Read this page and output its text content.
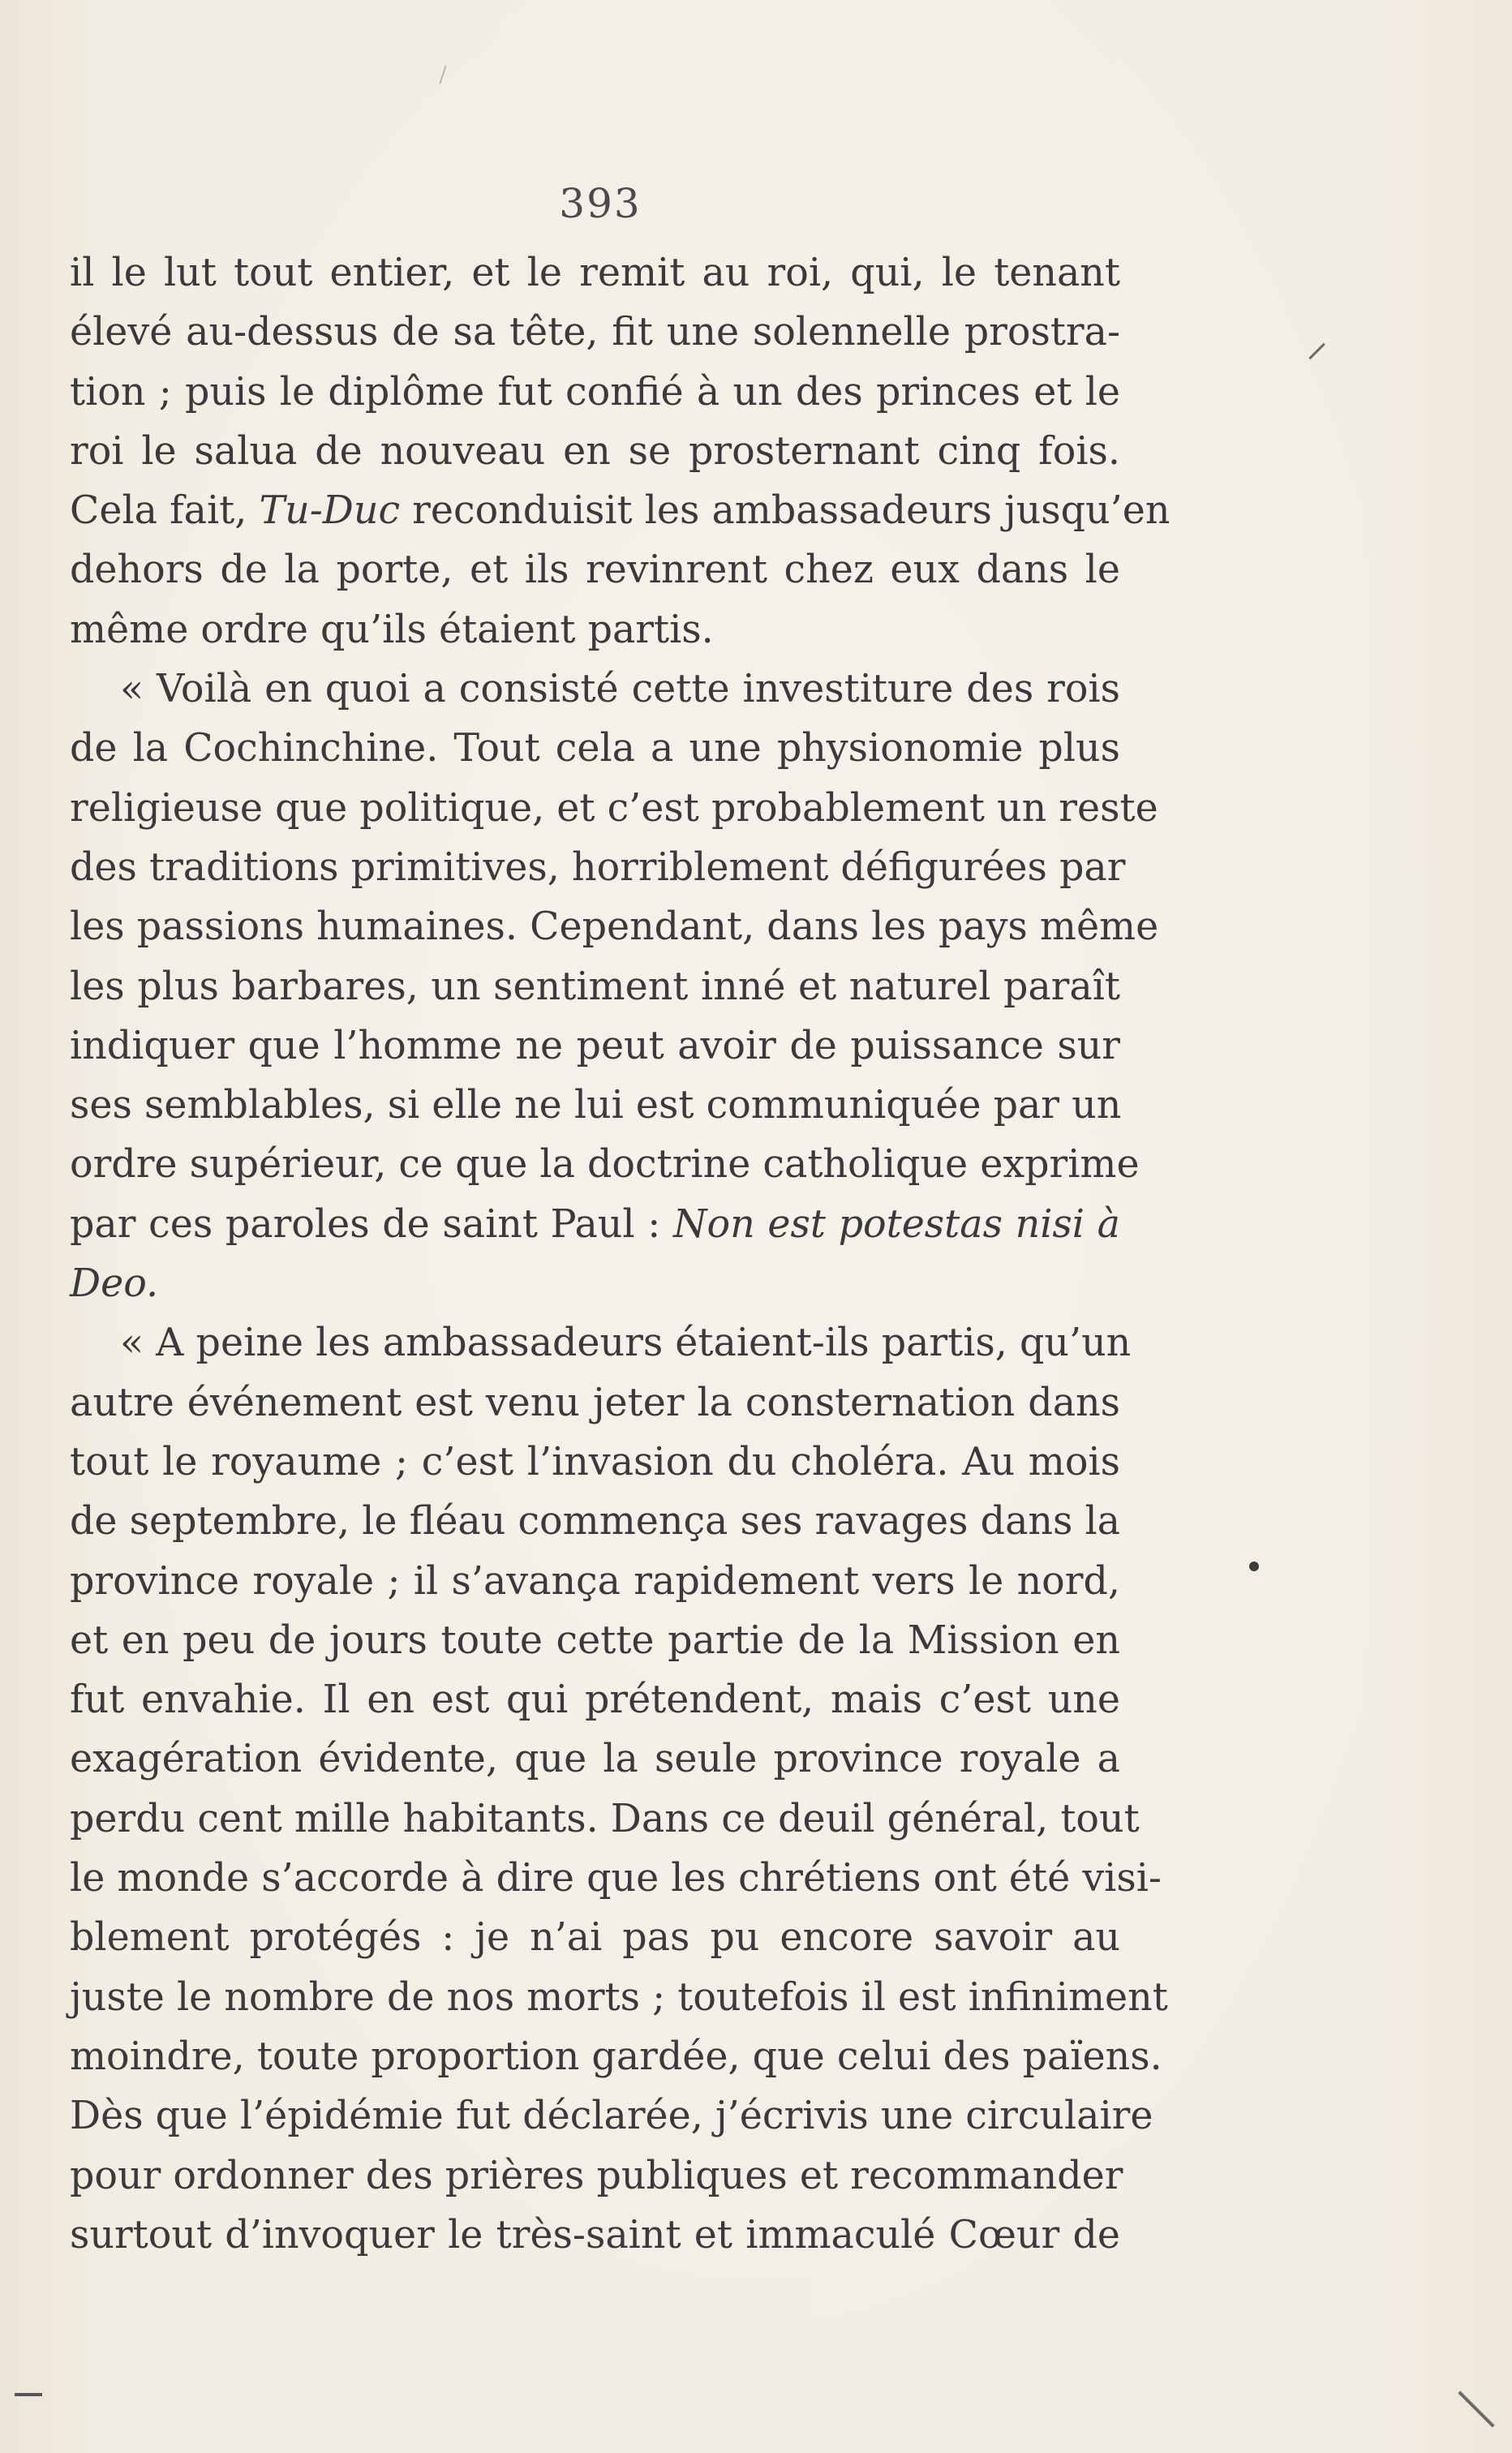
393
il le lut tout entier, et le remit au roi, qui, le tenant
élevé au-dessus de sa tête, fit une solennelle prostra-
tion ; puis le diplôme fut confié à un des princes et le
roi le salua de nouveau en se prosternant cinq fois.
Cela fait, Tu-Duc reconduisit les ambassadeurs jusqu’en
dehors de la porte, et ils revinrent chez eux dans le
même ordre qu’ils étaient partis.
« Voilà en quoi a consisté cette investiture des rois
de la Cochinchine. Tout cela a une physionomie plus
religieuse que politique, et c’est probablement un reste
des traditions primitives, horriblement défigurées par
les passions humaines. Cependant, dans les pays même
les plus barbares, un sentiment inné et naturel paraît
indiquer que l’homme ne peut avoir de puissance sur
ses semblables, si elle ne lui est communiquée par un
ordre supérieur, ce que la doctrine catholique exprime
par ces paroles de saint Paul : Non est potestas nisi à
Deo.
« A peine les ambassadeurs étaient-ils partis, qu’un
autre événement est venu jeter la consternation dans
tout le royaume ; c’est l’invasion du choléra. Au mois
de septembre, le fléau commença ses ravages dans la
province royale ; il s’avança rapidement vers le nord,
et en peu de jours toute cette partie de la Mission en
fut envahie. Il en est qui prétendent, mais c’est une
exagération évidente, que la seule province royale a
perdu cent mille habitants. Dans ce deuil général, tout
le monde s’accorde à dire que les chrétiens ont été visi-
blement protégés : je n’ai pas pu encore savoir au
juste le nombre de nos morts ; toutefois il est infiniment
moindre, toute proportion gardée, que celui des païens.
Dès que l’épidémie fut déclarée, j’écrivis une circulaire
pour ordonner des prières publiques et recommander
surtout d’invoquer le très-saint et immaculé Cœur de
